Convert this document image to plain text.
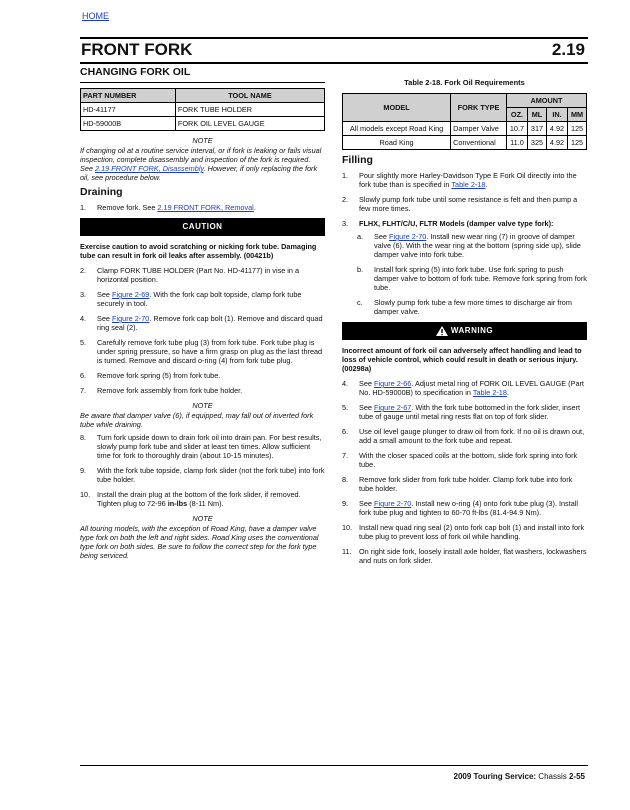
HOME
FRONT FORK	2.19
CHANGING FORK OIL
PART NUMBER	TOOL NAME
HD-41177	FORK TUBE HOLDER
HD-59000B	FORK OIL LEVEL GAUGE
NOTE
If changing oil at a routine service interval, or if fork is leaking or fails visual inspection, complete disassembly and inspection of the fork is required. See 2.19 FRONT FORK, Disassembly. However, if only replacing the fork oil, see procedure below.
Draining
1.	Remove fork. See 2.19 FRONT FORK, Removal.
CAUTION
Exercise caution to avoid scratching or nicking fork tube. Damaging tube can result in fork oil leaks after assembly. (00421b)
2.	Clamp FORK TUBE HOLDER (Part No. HD-41177) in vise in a horizontal position.
3.	See Figure 2-69. With the fork cap bolt topside, clamp fork tube securely in tool.
4.	See Figure 2-70. Remove fork cap bolt (1). Remove and discard quad ring seal (2).
5.	Carefully remove fork tube plug (3) from fork tube. Fork tube plug is under spring pressure, so have a firm grasp on plug as the last thread is turned. Remove and discard o-ring (4) from fork tube plug.
6.	Remove fork spring (5) from fork tube.
7.	Remove fork assembly from fork tube holder.
NOTE
Be aware that damper valve (6), if equipped, may fall out of inverted fork tube while draining.
8.	Turn fork upside down to drain fork oil into drain pan. For best results, slowly pump fork tube and slider at least ten times. Allow sufficient time for fork to thoroughly drain (about 10-15 minutes).
9.	With the fork tube topside, clamp fork slider (not the fork tube) into fork tube holder.
10. Install the drain plug at the bottom of the fork slider, if removed. Tighten plug to 72-96 in-lbs (8-11 Nm).
NOTE
All touring models, with the exception of Road King, have a damper valve type fork on both the left and right sides. Road King uses the conventional type fork on both sides. Be sure to follow the correct step for the fork type being serviced.
Table 2-18. Fork Oil Requirements
MODEL	FORK TYPE	AMOUNT			
		OZ.	ML	IN.	MM
All models except Road King	Damper Valve	10.7	317	4.92	125
Road King	Conventional	11.0	325	4.92	125
Filling
1.	Pour slightly more Harley-Davidson Type E Fork Oil directly into the fork tube than is specified in Table 2-18.
2.	Slowly pump fork tube until some resistance is felt and then pump a few more times.
3.	FLHX, FLHT/C/U, FLTR Models (damper valve type fork):
a.	See Figure 2-70. Install new wear ring (7) in groove of damper valve (6). With the wear ring at the bottom (spring side up), slide damper valve into fork tube.
b.	Install fork spring (5) into fork tube. Use fork spring to push damper valve to bottom of fork tube. Remove fork spring from fork tube.
c.	Slowly pump fork tube a few more times to discharge air from damper valve.
WARNING
Incorrect amount of fork oil can adversely affect handling and lead to loss of vehicle control, which could result in death or serious injury. (00298a)
4.	See Figure 2-66. Adjust metal ring of FORK OIL LEVEL GAUGE (Part No. HD-59000B) to specification in Table 2-18.
5.	See Figure 2-67. With the fork tube bottomed in the fork slider, insert tube of gauge until metal ring rests flat on top of fork slider.
6.	Use oil level gauge plunger to draw oil from fork. If no oil is drawn out, add a small amount to the fork tube and repeat.
7.	With the closer spaced coils at the bottom, slide fork spring into fork tube.
8.	Remove fork slider from fork tube holder. Clamp fork tube into fork tube holder.
9.	See Figure 2-70. Install new o-ring (4) onto fork tube plug (3). Install fork tube plug and tighten to 60-70 ft-lbs (81.4-94.9 Nm).
10. Install new quad ring seal (2) onto fork cap bolt (1) and install into fork tube plug to prevent loss of fork oil while handling.
11.	On right side fork, loosely install axle holder, flat washers, lockwashers and nuts on fork slider.
2009 Touring Service: Chassis 2-55
